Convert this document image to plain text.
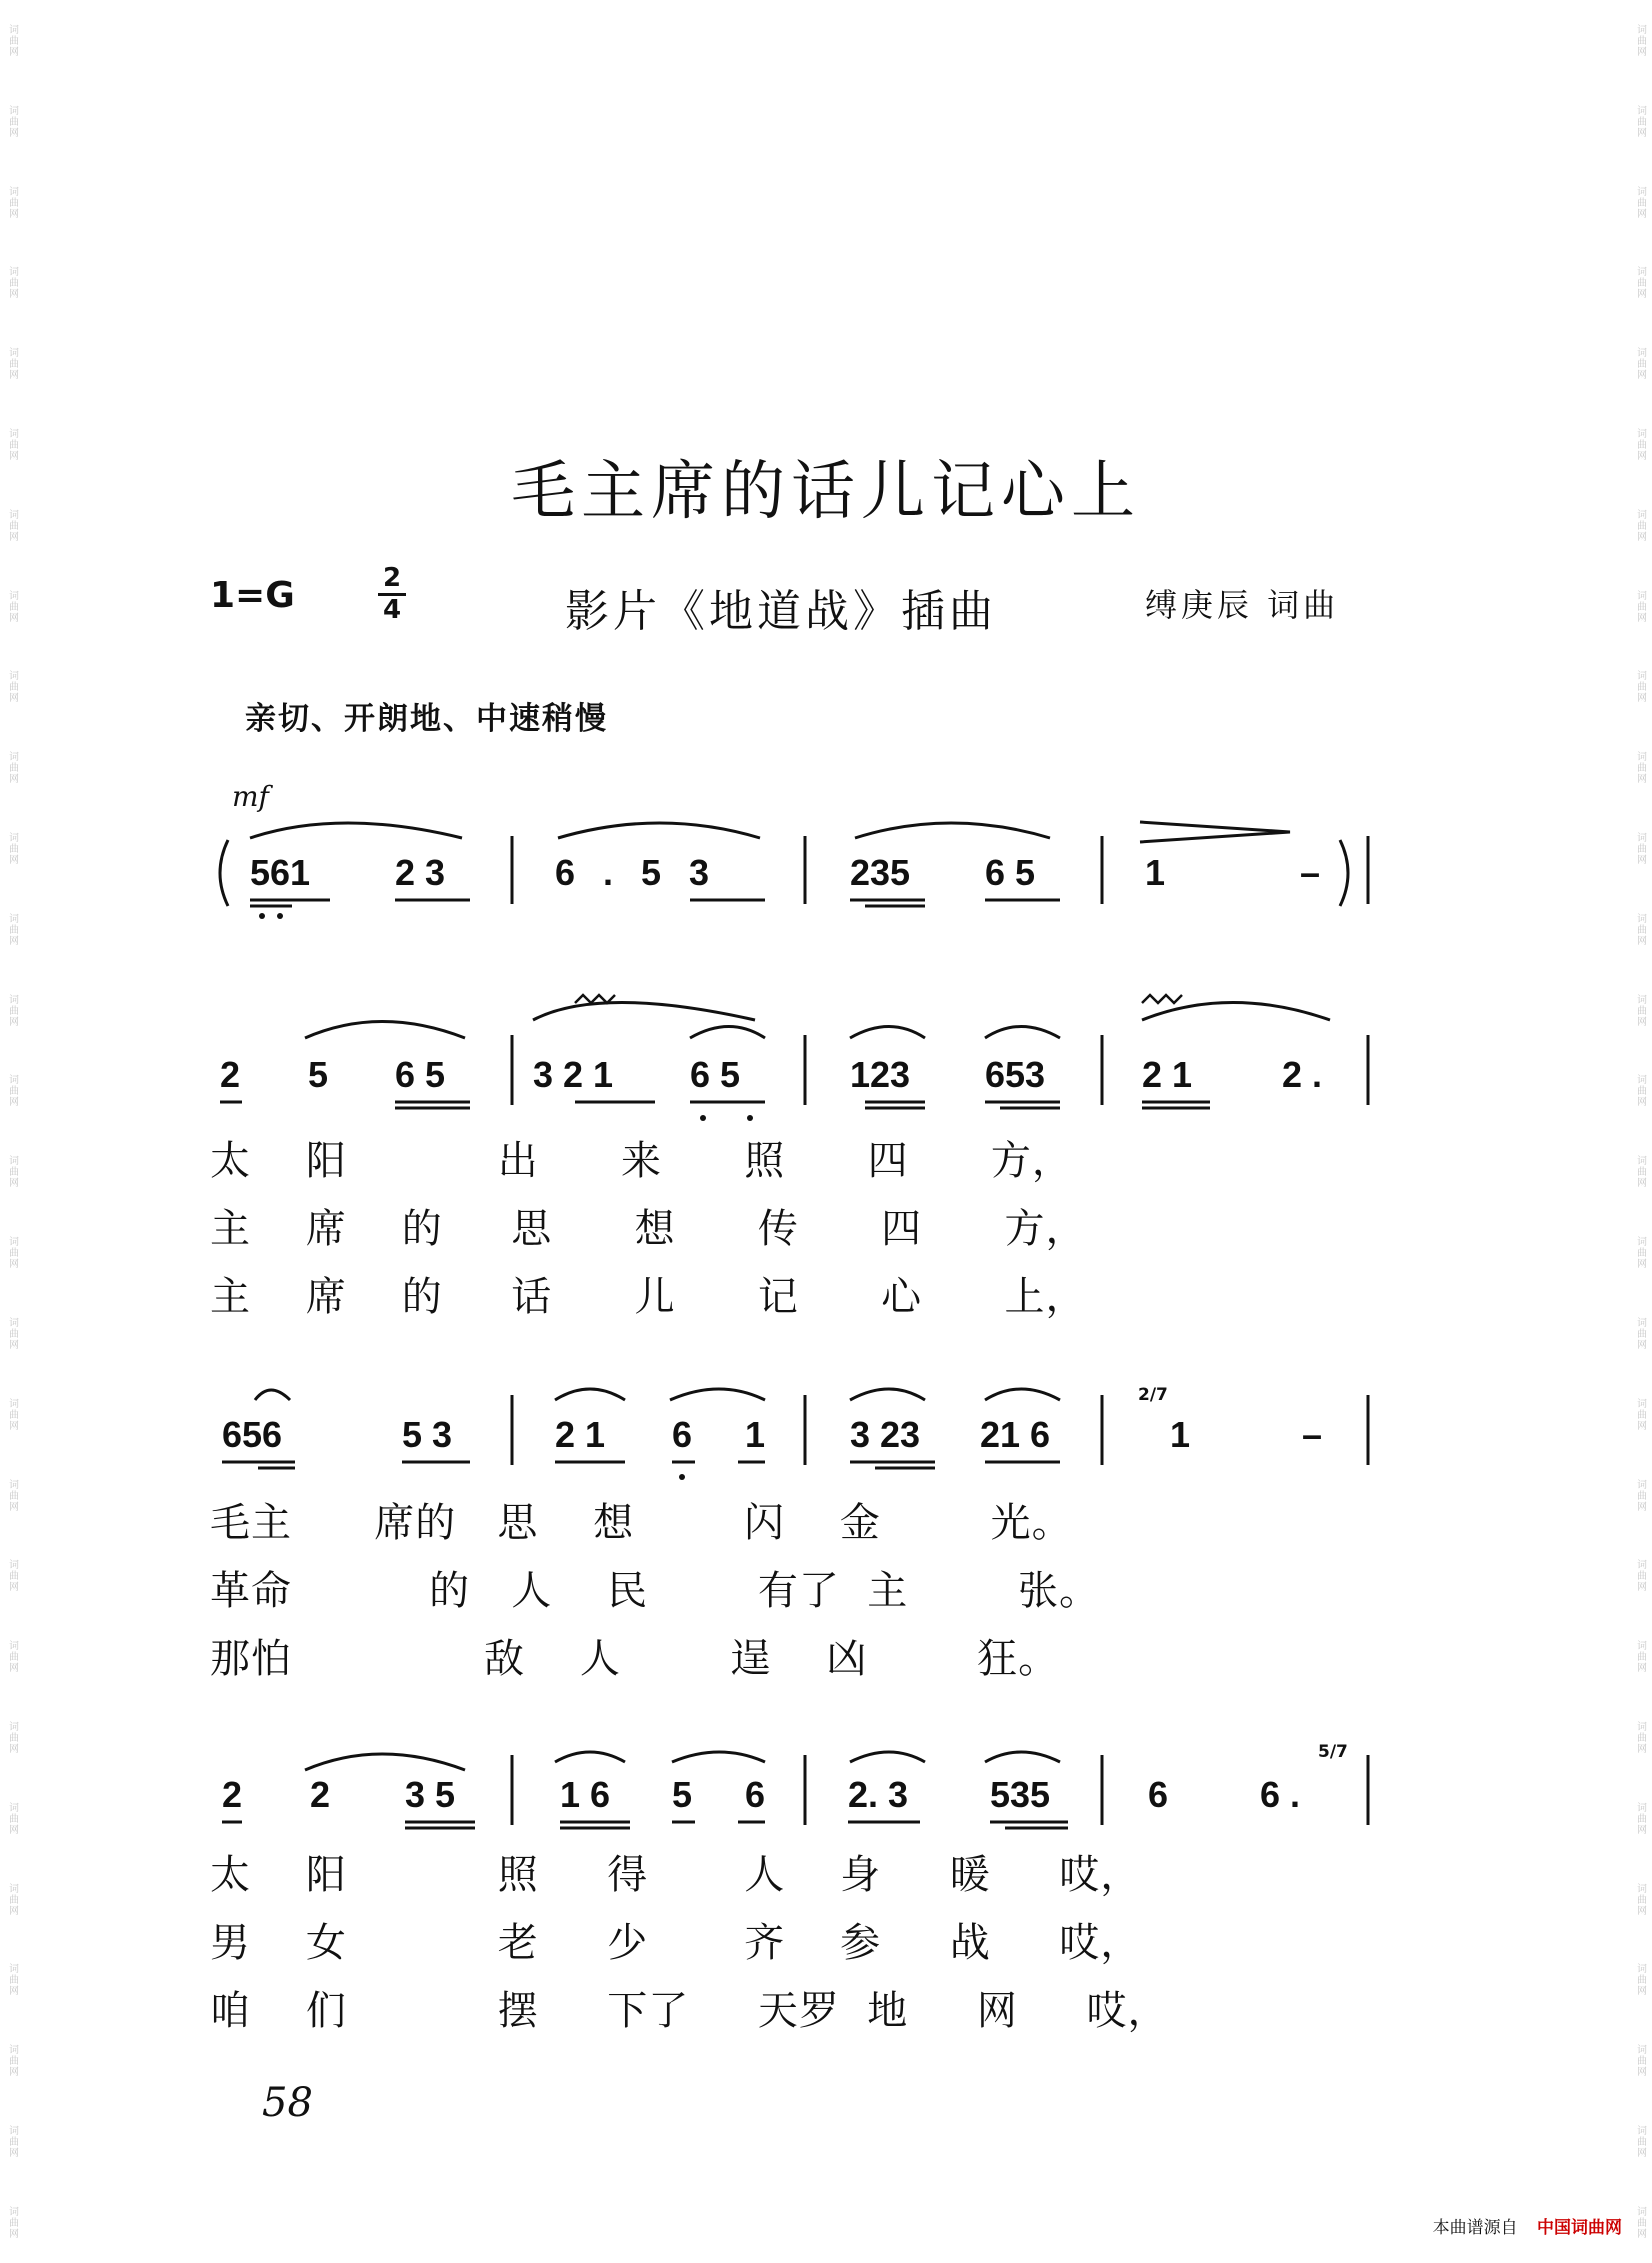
词曲网
词曲网
词曲网
词曲网
词曲网
词曲网
词曲网
词曲网
词曲网
词曲网
词曲网
词曲网
词曲网
词曲网
词曲网
词曲网
词曲网
词曲网
词曲网
词曲网
词曲网
词曲网
词曲网
词曲网
词曲网
词曲网
词曲网
词曲网
词曲网
词曲网
词曲网
词曲网
词曲网
词曲网
词曲网
词曲网
词曲网
词曲网
词曲网
词曲网
词曲网
词曲网
词曲网
词曲网
词曲网
词曲网
词曲网
词曲网
词曲网
词曲网
词曲网
词曲网
词曲网
词曲网
词曲网
词曲网
毛主席的话儿记心上
1=G	2
4	影片《地道战》插曲	缚庚辰 词曲
亲切、开朗地、中速稍慢
mf
561 2 3	6 . 5 3	235 6 5	1	–
2 5 6 5 3 2 1 6 5	123 653	2 1 2 .
太    阳           出      来      照      四      方，
主    席    的     思      想      传      四      方，
主    席    的     话      儿      记      心      上，
656	5 3	2 1 6 1 3 23 21 6
2/7
1	–
毛主      席的   思    想        闪    金        光。
革命          的   人    民        有了  主        张。
那怕              敌    人        逞    凶        狂。
2 2 3 5	1 6 5 6 2. 3 535	6	6 .
5/7
太    阳           照     得       人    身     暖     哎，
男    女           老     少       齐    参     战     哎，
咱    们           摆     下了     天罗  地     网     哎，
58
本曲谱源自 中国词曲网
